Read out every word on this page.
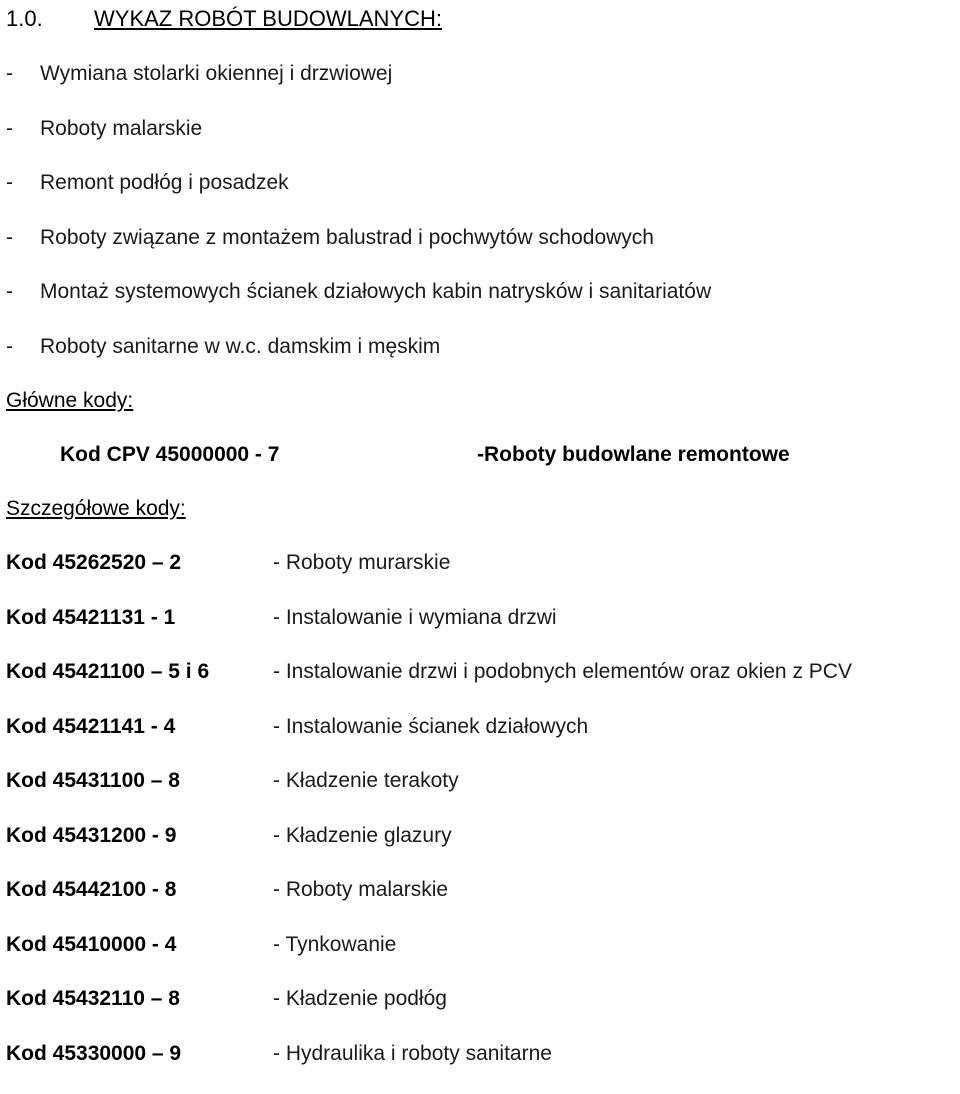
1.0. WYKAZ ROBÓT BUDOWLANYCH:
- Wymiana stolarki okiennej i drzwiowej
- Roboty malarskie
- Remont podłóg i posadzek
- Roboty związane z montażem balustrad i pochwytów schodowych
- Montaż systemowych ścianek działowych kabin natrysków i sanitariatów
- Roboty sanitarne w w.c. damskim i męskim
Główne kody:
Kod CPV 45000000 - 7	-Roboty budowlane remontowe
Szczegółowe kody:
Kod 45262520 – 2	- Roboty murarskie
Kod 45421131 - 1	- Instalowanie i wymiana drzwi
Kod 45421100 – 5 i 6	- Instalowanie drzwi i podobnych elementów oraz okien z PCV
Kod 45421141 - 4	- Instalowanie ścianek działowych
Kod 45431100 – 8	- Kładzenie terakoty
Kod 45431200 - 9	- Kładzenie glazury
Kod 45442100 - 8	- Roboty malarskie
Kod 45410000 - 4	- Tynkowanie
Kod 45432110 – 8	- Kładzenie podłóg
Kod 45330000 – 9	- Hydraulika i roboty sanitarne
